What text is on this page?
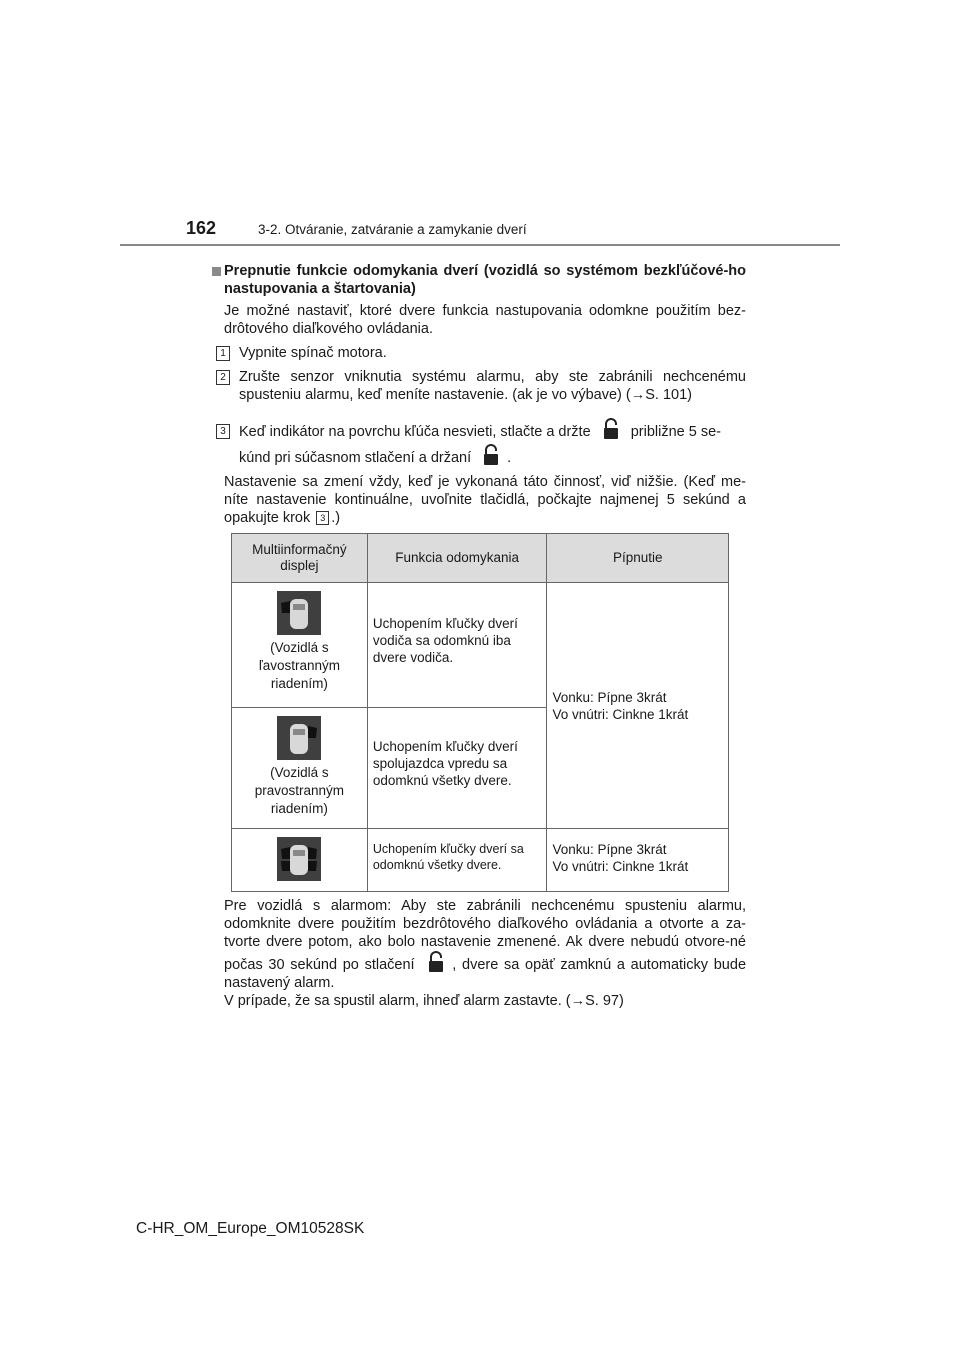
162	3-2. Otváranie, zatváranie a zamykanie dverí
Prepnutie funkcie odomykania dverí (vozidlá so systémom bezkľúčové-ho nastupovania a štartovania)

Je možné nastaviť, ktoré dvere funkcia nastupovania odomkne použitím bez-drôtového diaľkového ovládania.

1 Vypnite spínač motora.
2 Zrušte senzor vniknutia systému alarmu, aby ste zabránili nechcenému spusteniu alarmu, keď meníte nastavenie. (ak je vo výbave) (→S. 101)
3 Keď indikátor na povrchu kľúča nesvieti, stlačte a držte	približne 5 se-
kúnd pri súčasnom stlačení a držaní .

Nastavenie sa zmení vždy, keď je vykonaná táto činnosť, viď nižšie. (Keď me-níte nastavenie kontinuálne, uvoľnite tlačidlá, počkajte najmenej 5 sekúnd a opakujte krok 3 .)

Multiinformačný displej	Funkcia odomykania	Pípnutie

(Vozidlá s ľavostranným riadením)	Uchopením kľučky dverí vodiča sa odomknú iba dvere vodiča.	Vonku: Pípne 3krát
Vo vnútri: Cinkne 1krát

(Vozidlá s pravostranným riadením)	Uchopením kľučky dverí spolujazdca vpredu sa odomknú všetky dvere.	

	Uchopením kľučky dverí sa odomknú všetky dvere.	Vonku: Pípne 3krát
Vo vnútri: Cinkne 1krát

Pre vozidlá s alarmom: Aby ste zabránili nechcenému spusteniu alarmu, odomknite dvere použitím bezdrôtového diaľkového ovládania a otvorte a za-tvorte dvere potom, ako bolo nastavenie zmenené. Ak dvere nebudú otvore-né počas 30 sekúnd po stlačení	, dvere sa opäť zamknú a automaticky bude nastavený alarm.

V prípade, že sa spustil alarm, ihneď alarm zastavte. (→S. 97)

C-HR_OM_Europe_OM10528SK
